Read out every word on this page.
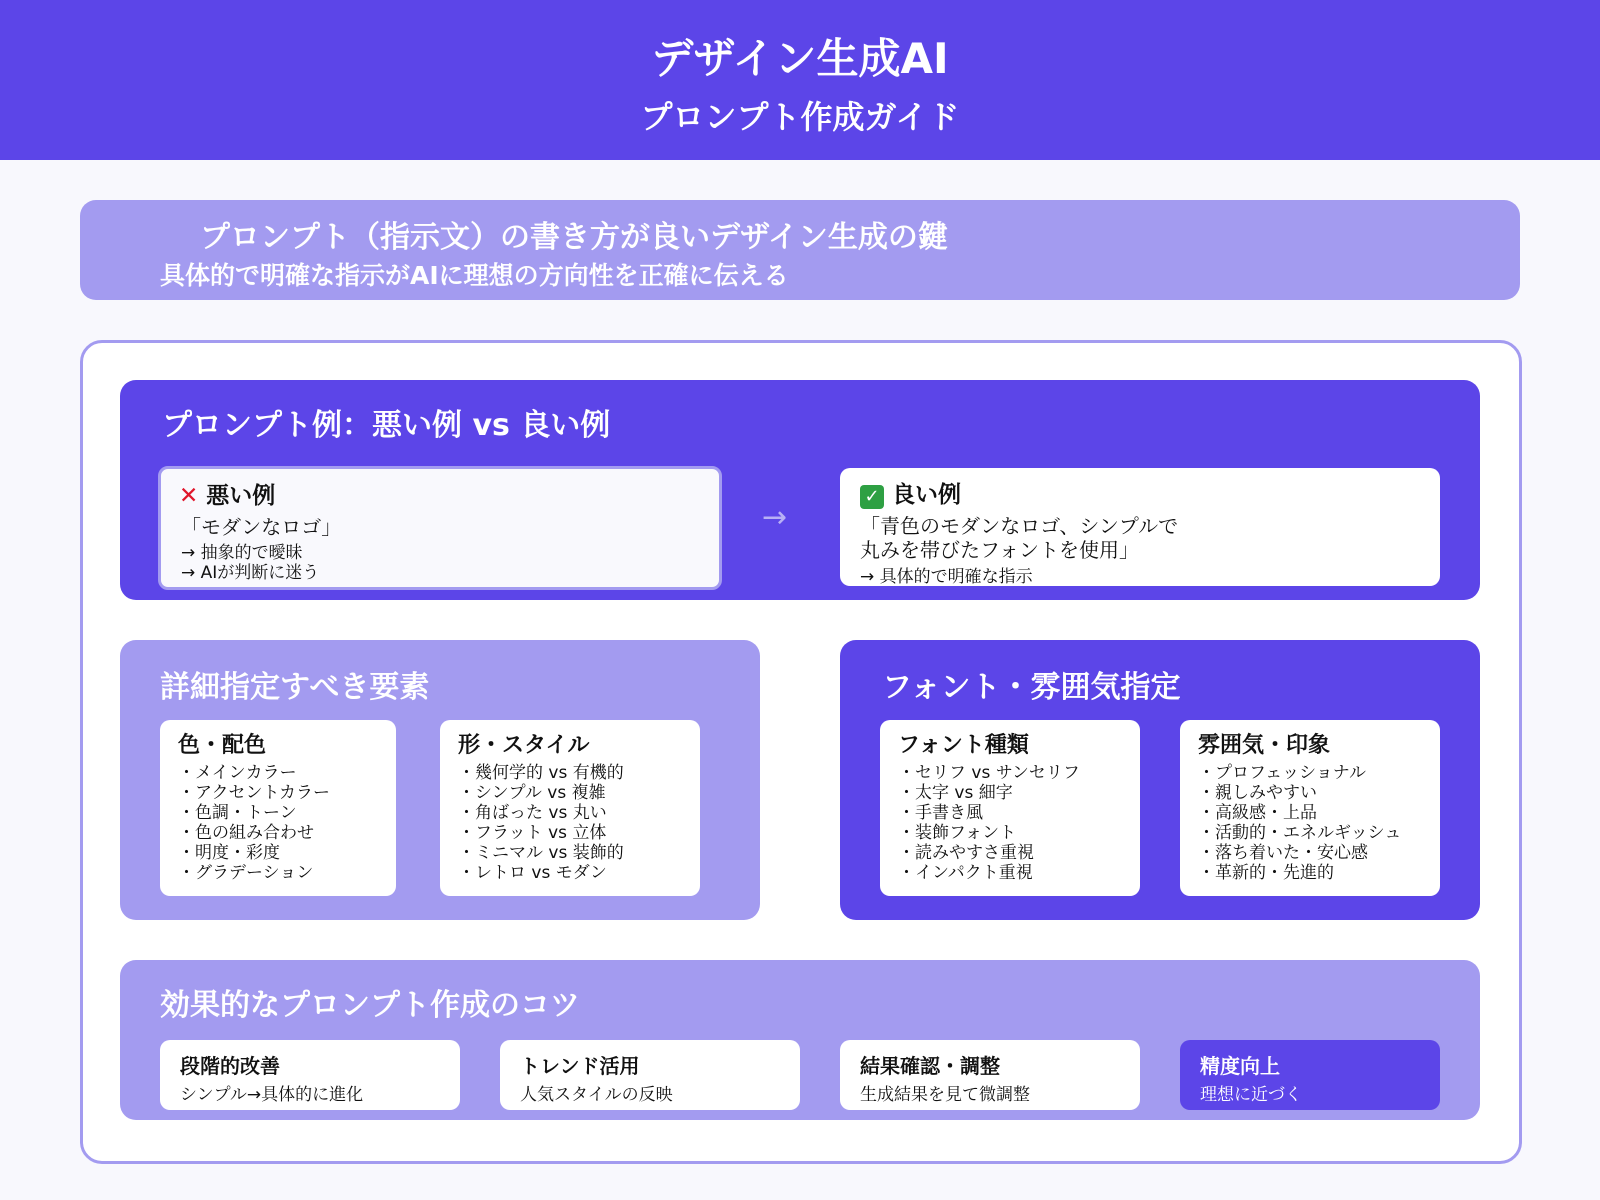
デザイン生成AI
プロンプト作成ガイド
プロンプト（指示文）の書き方が良いデザイン生成の鍵
具体的で明確な指示がAIに理想の方向性を正確に伝える
プロンプト例：悪い例 vs 良い例
✕ 悪い例
「モダンなロゴ」
→ 抽象的で曖昧
→ AIが判断に迷う
→
✓ 良い例
「青色のモダンなロゴ、シンプルで
丸みを帯びたフォントを使用」
→ 具体的で明確な指示
詳細指定すべき要素
色・配色
・メインカラー
・アクセントカラー
・色調・トーン
・色の組み合わせ
・明度・彩度
・グラデーション
形・スタイル
・幾何学的 vs 有機的
・シンプル vs 複雑
・角ばった vs 丸い
・フラット vs 立体
・ミニマル vs 装飾的
・レトロ vs モダン
フォント・雰囲気指定
フォント種類
・セリフ vs サンセリフ
・太字 vs 細字
・手書き風
・装飾フォント
・読みやすさ重視
・インパクト重視
雰囲気・印象
・プロフェッショナル
・親しみやすい
・高級感・上品
・活動的・エネルギッシュ
・落ち着いた・安心感
・革新的・先進的
効果的なプロンプト作成のコツ
段階的改善
シンプル→具体的に進化
トレンド活用
人気スタイルの反映
結果確認・調整
生成結果を見て微調整
精度向上
理想に近づく
